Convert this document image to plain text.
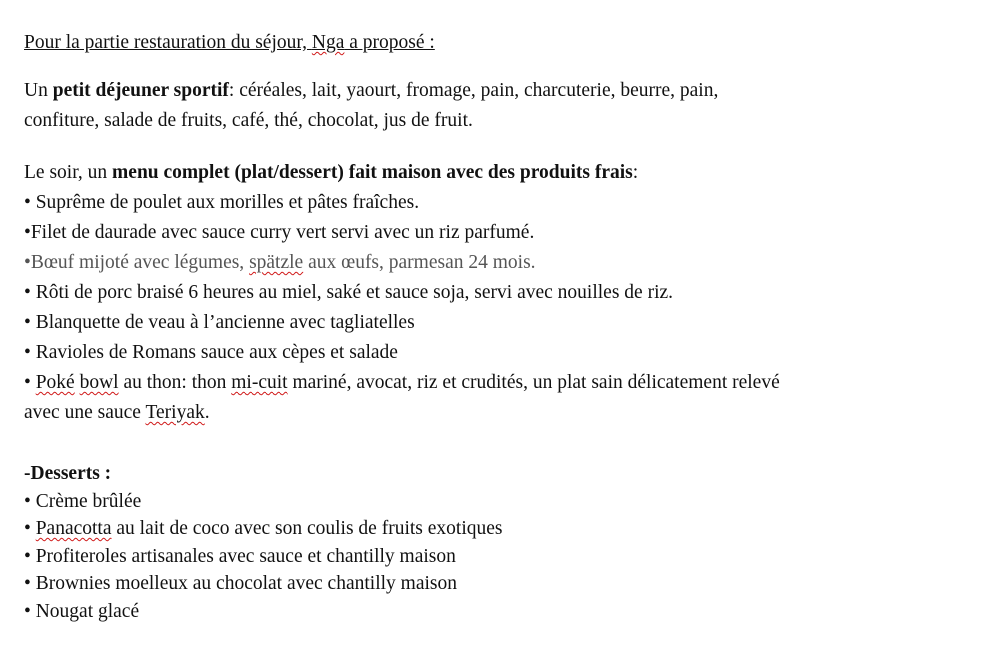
Pour la partie restauration du séjour, Nga a proposé :
Un petit déjeuner sportif: céréales, lait, yaourt, fromage, pain, charcuterie, beurre, pain,
confiture, salade de fruits, café, thé, chocolat, jus de fruit.
Le soir, un menu complet (plat/dessert) fait maison avec des produits frais:
• Suprême de poulet aux morilles et pâtes fraîches.
•Filet de daurade avec sauce curry vert servi avec un riz parfumé.
•Bœuf mijoté avec légumes, spätzle aux œufs, parmesan 24 mois.
• Rôti de porc braisé 6 heures au miel, saké et sauce soja, servi avec nouilles de riz.
• Blanquette de veau à l’ancienne avec tagliatelles
• Ravioles de Romans sauce aux cèpes et salade
• Poké bowl au thon: thon mi-cuit mariné, avocat, riz et crudités, un plat sain délicatement relevé
avec une sauce Teriyak.
-Desserts :
• Crème brûlée
• Panacotta au lait de coco avec son coulis de fruits exotiques
• Profiteroles artisanales avec sauce et chantilly maison
• Brownies moelleux au chocolat avec chantilly maison
• Nougat glacé
